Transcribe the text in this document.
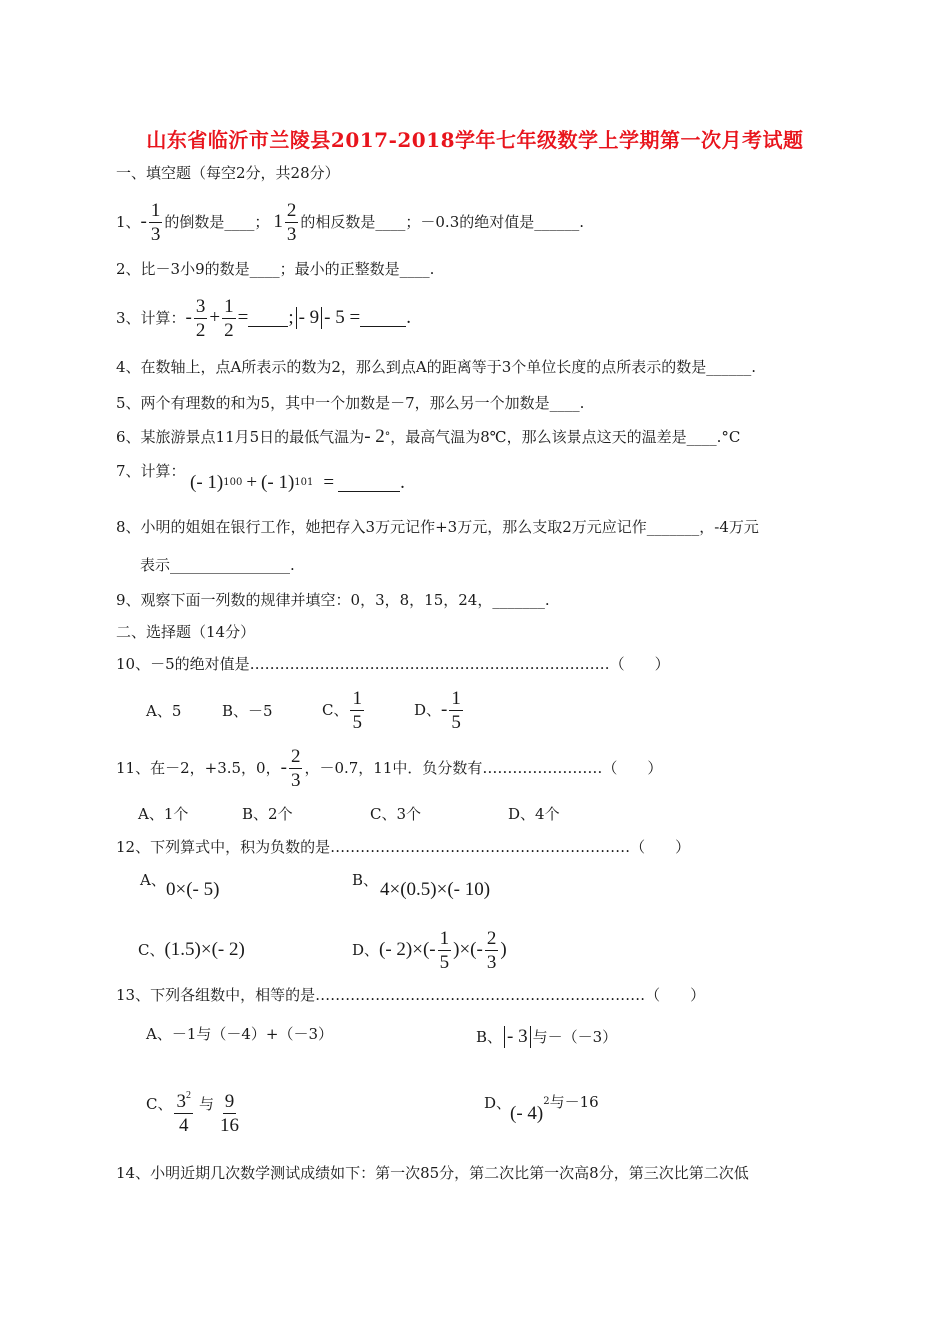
山东省临沂市兰陵县2017-2018学年七年级数学上学期第一次月考试题
一、填空题（每空2分，共28分）
1、 - $\frac{1}{3}$ 的倒数是____； $1 \frac{2}{3}$ 的相反数是____；－0.3的绝对值是______.
2、比－3小9的数是____；最小的正整数是____.
3、计算： - $\frac{3}{2} + \frac{1}{2}$ = ; - 9 - 5 = .
4、在数轴上，点A所表示的数为2，那么到点A的距离等于3个单位长度的点所表示的数是______.
5、两个有理数的和为5，其中一个加数是－7，那么另一个加数是____.
6、某旅游景点11月5日的最低气温为 - 2 ° ，最高气温为8℃，那么该景点这天的温差是____.°C
7、计算：
(- 1) 100 + (- 1) 101 =	.
8、小明的姐姐在银行工作，她把存入3万元记作+3万元，那么支取2万元应记作_______，-4万元
表示________________.
9、观察下面一列数的规律并填空：0，3，8，15，24，_______.
二、选择题（14分）
10、－5的绝对值是………………………………………………………………（　　）
A、5	B、－5	C、 $\frac{1}{5}$	D、 - $\frac{1}{5}$
11、在－2，+3.5，0， - $\frac{2}{3}$ ，－0.7，11中．负分数有……………………（　　）
A、1个	B、2个	C、3个	D、4个
12、下列算式中，积为负数的是……………………………………………………（　　）
A、 0×(- 5)	B、 4×(0.5)×(- 10)
C、 (1.5)×(- 2)	D、 (- $2)\times(- \frac{1}{5}$ )×(- $\frac{2}{3}$ )
13、下列各组数中，相等的是…………………………………………………………（　　）
A、－1与（－4）+（－3）	B、 - 3 与－（－3）
C、 $\frac{3^2}{4}$ 与 $\frac{9}{16}$	D、
(- 4)
2 与－16
14、小明近期几次数学测试成绩如下：第一次85分，第二次比第一次高8分，第三次比第二次低
